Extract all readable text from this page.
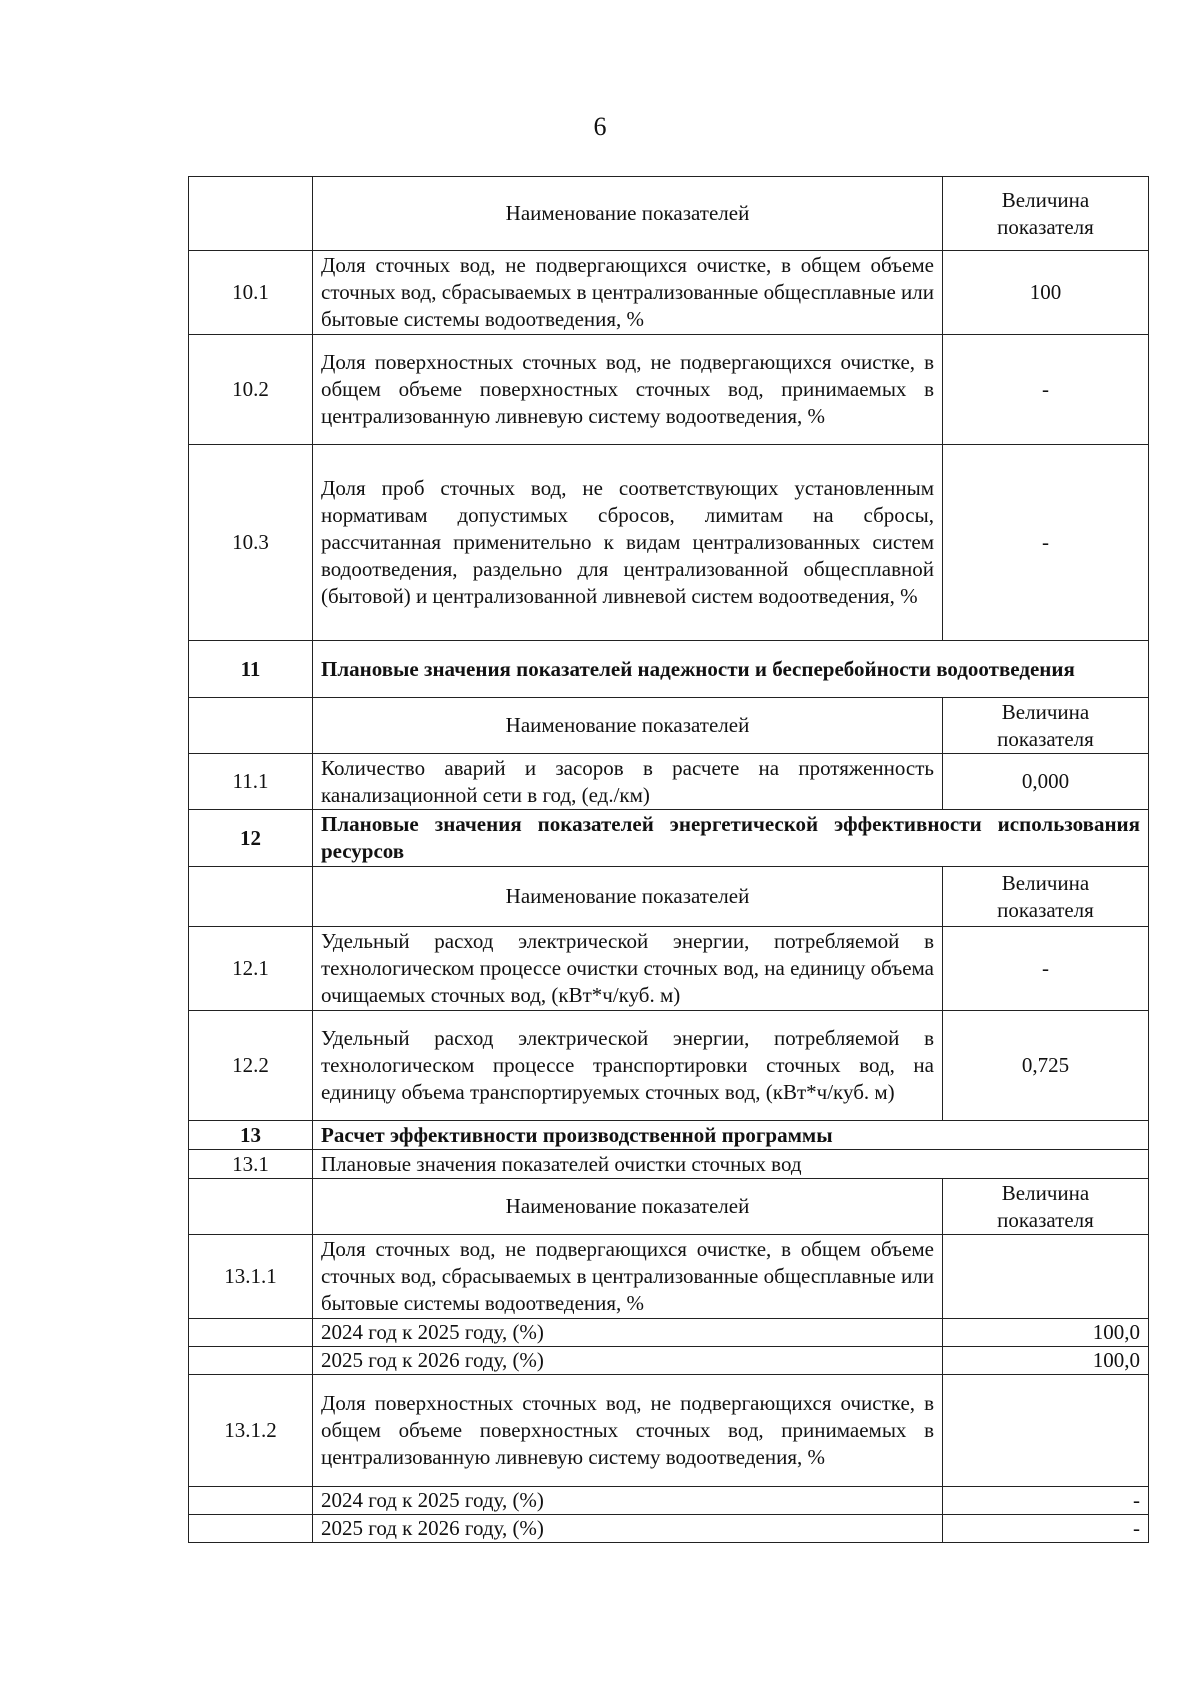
6
	Наименование показателей	Величина показателя
10.1	Доля сточных вод, не подвергающихся очистке, в общем объеме сточных вод, сбрасываемых в централизованные общесплавные или бытовые системы водоотведения, %	100
10.2	Доля поверхностных сточных вод, не подвергающихся очистке, в общем объеме поверхностных сточных вод, принимаемых в централизованную ливневую систему водоотведения, %	-
10.3	Доля проб сточных вод, не соответствующих установленным нормативам допустимых сбросов, лимитам на сбросы, рассчитанная применительно к видам централизованных систем водоотведения, раздельно для централизованной общесплавной (бытовой) и централизованной ливневой систем водоотведения, %	-
11	Плановые значения показателей надежности и бесперебойности водоотведения	
	Наименование показателей	Величина показателя
11.1	Количество аварий и засоров в расчете на протяженность канализационной сети в год, (ед./км)	0,000
12	Плановые значения показателей энергетической эффективности использования ресурсов	
	Наименование показателей	Величина показателя
12.1	Удельный расход электрической энергии, потребляемой в технологическом процессе очистки сточных вод, на единицу объема очищаемых сточных вод, (кВт*ч/куб. м)	-
12.2	Удельный расход электрической энергии, потребляемой в технологическом процессе транспортировки сточных вод, на единицу объема транспортируемых сточных вод, (кВт*ч/куб. м)	0,725
13	Расчет эффективности производственной программы	
13.1	Плановые значения показателей очистки сточных вод	
	Наименование показателей	Величина показателя
13.1.1	Доля сточных вод, не подвергающихся очистке, в общем объеме сточных вод, сбрасываемых в централизованные общесплавные или бытовые системы водоотведения, %	
	2024 год к 2025 году, (%)	100,0
	2025 год к 2026 году, (%)	100,0
13.1.2	Доля поверхностных сточных вод, не подвергающихся очистке, в общем объеме поверхностных сточных вод, принимаемых в централизованную ливневую систему водоотведения, %	
	2024 год к 2025 году, (%)	-
	2025 год к 2026 году, (%)	-
